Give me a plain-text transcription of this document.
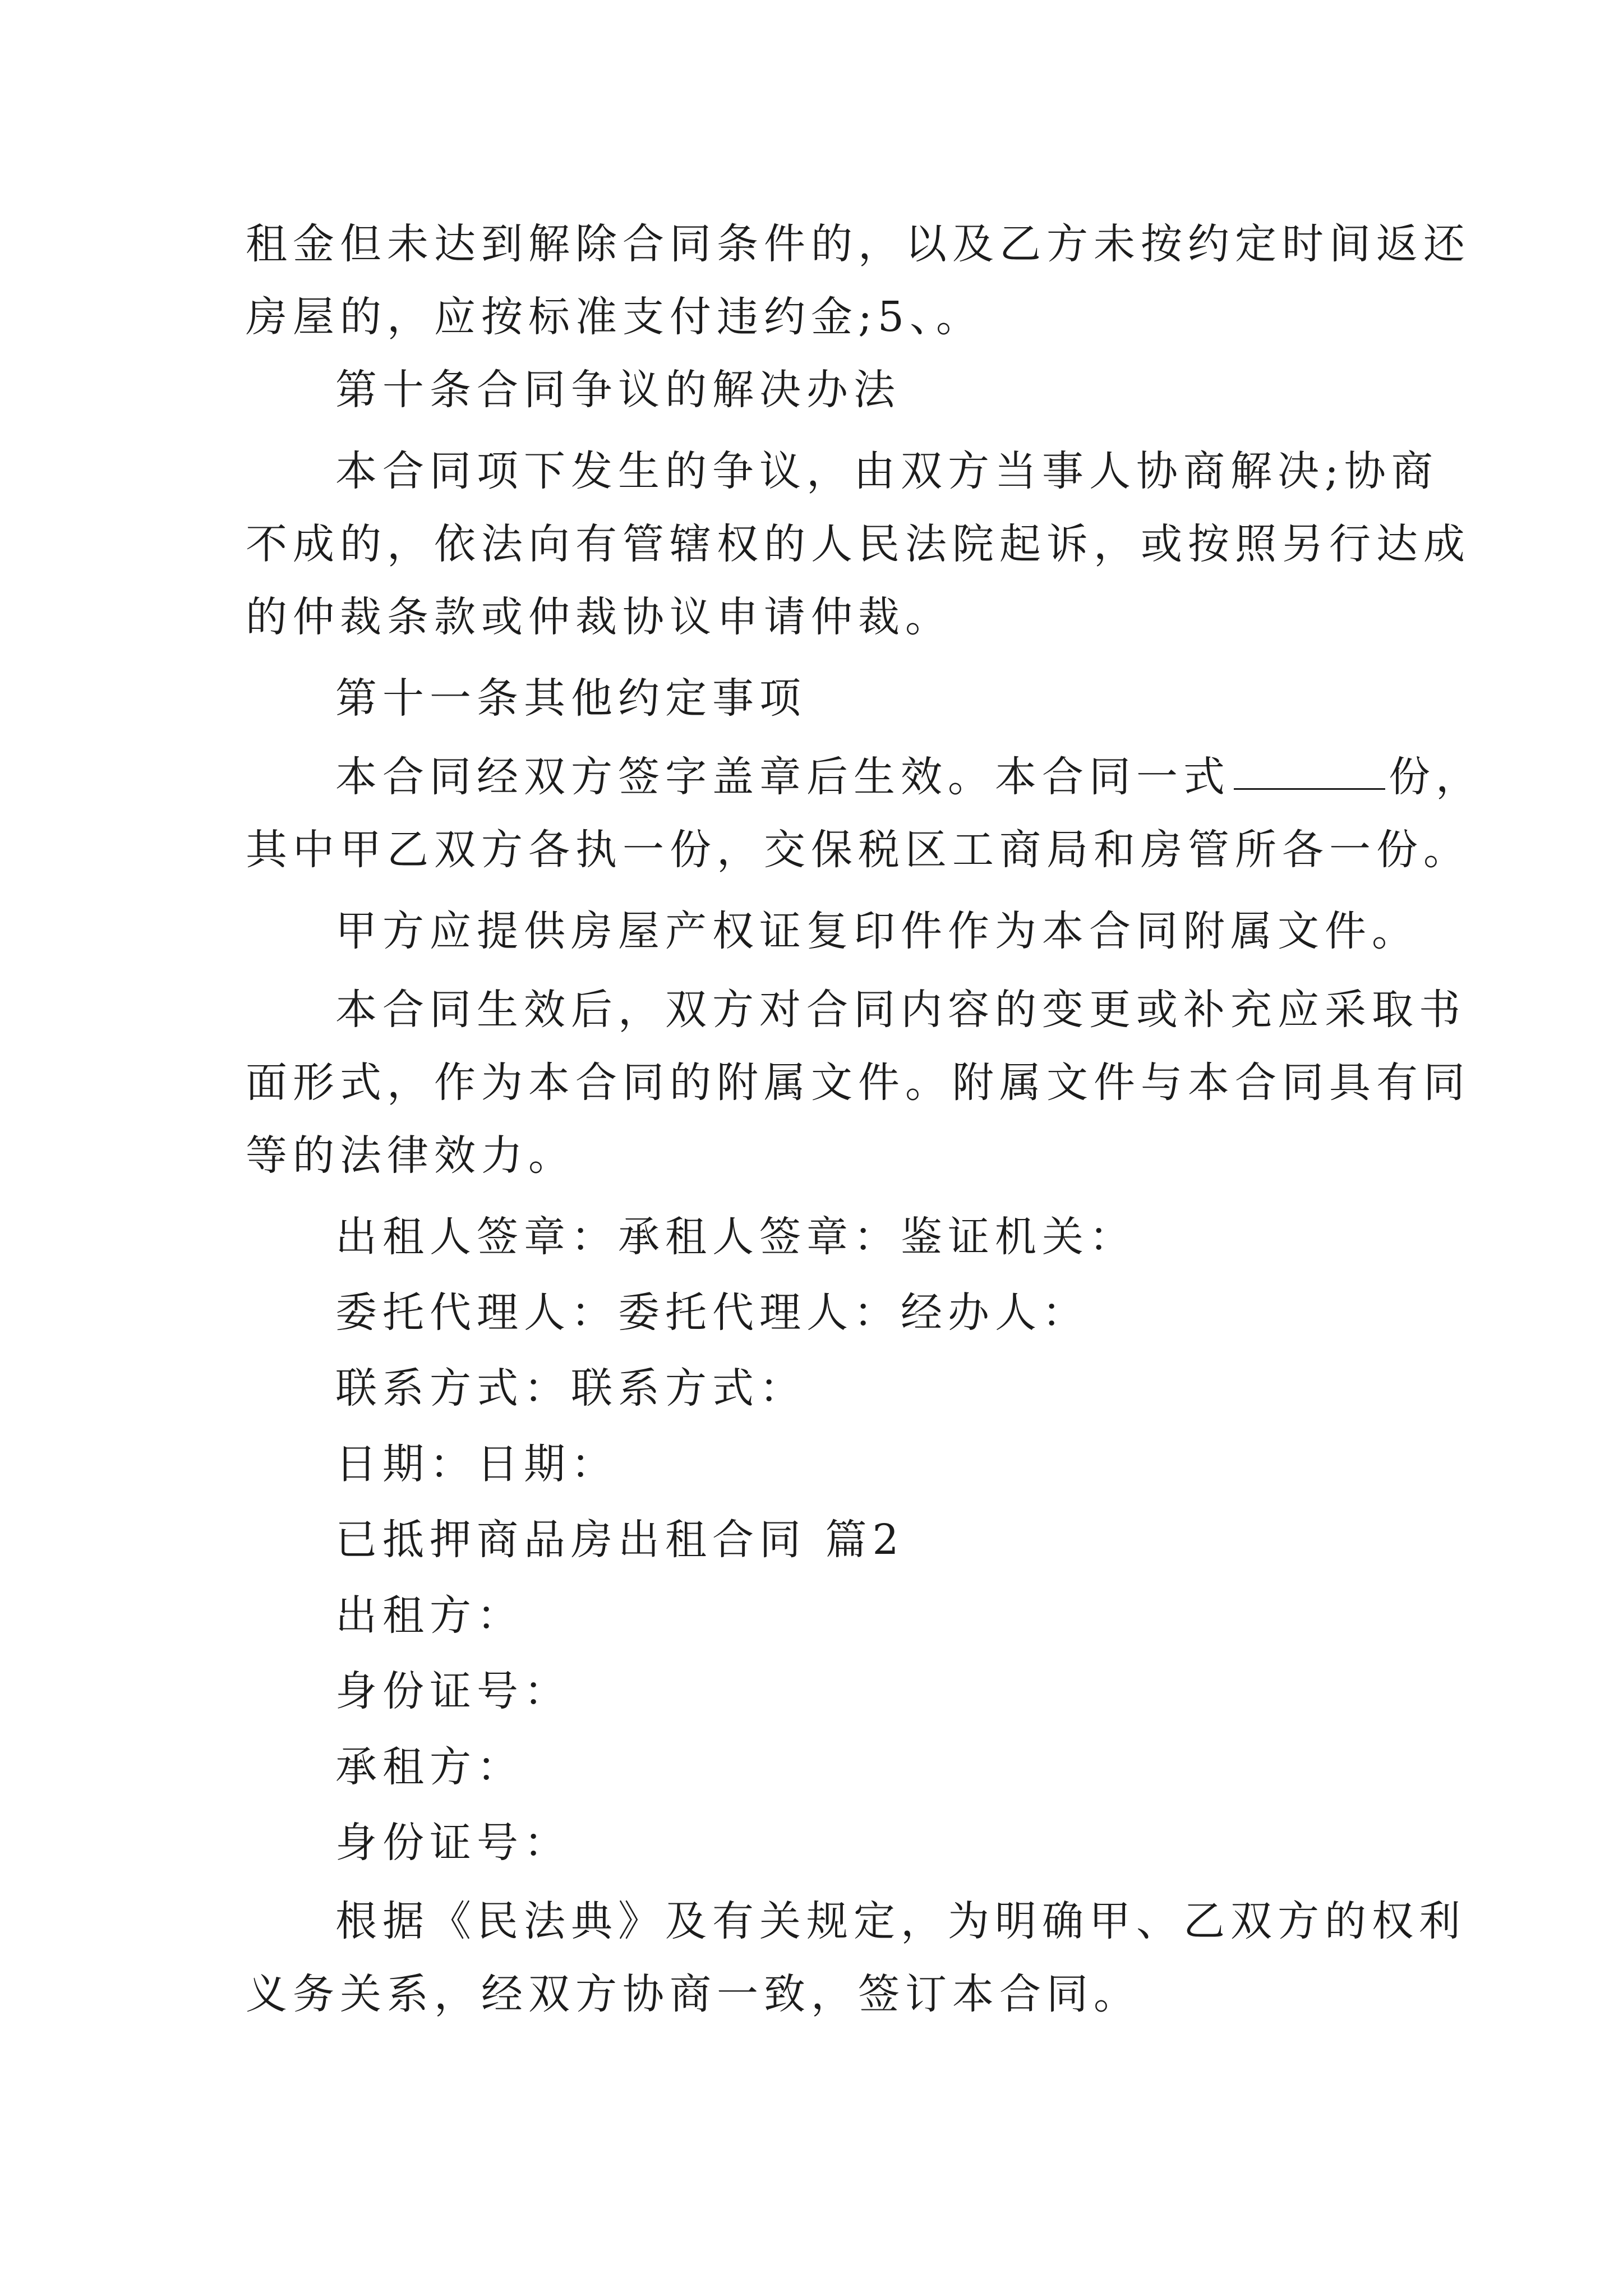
租金但未达到解除合同条件的，以及乙方未按约定时间返还
房屋的，应按标准支付违约金;5、。
第十条合同争议的解决办法
本合同项下发生的争议，由双方当事人协商解决;协商
不成的，依法向有管辖权的人民法院起诉，或按照另行达成
的仲裁条款或仲裁协议申请仲裁。
第十一条其他约定事项
本合同经双方签字盖章后生效。本合同一式	份，
其中甲乙双方各执一份，交保税区工商局和房管所各一份。
甲方应提供房屋产权证复印件作为本合同附属文件。
本合同生效后，双方对合同内容的变更或补充应采取书
面形式，作为本合同的附属文件。附属文件与本合同具有同
等的法律效力。
出租人签章：承租人签章：鉴证机关：
委托代理人：委托代理人：经办人：
联系方式：联系方式：
日期：日期：
已抵押商品房出租合同 篇2
出租方：
身份证号：
承租方：
身份证号：
根据《民法典》及有关规定，为明确甲、乙双方的权利
义务关系，经双方协商一致，签订本合同。
